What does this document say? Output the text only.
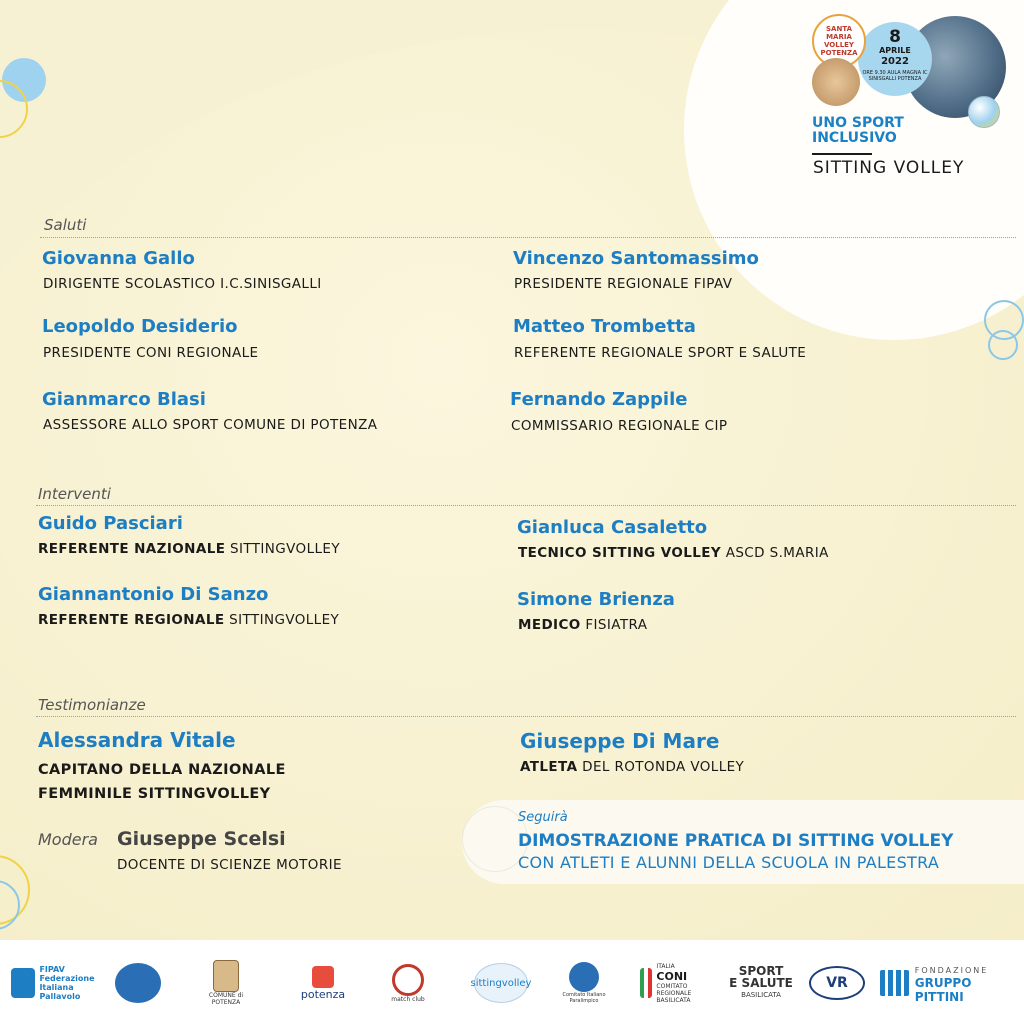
8
APRILE
2022
ORE 9.30 AULA MAGNA IC SINISGALLI POTENZA
SANTA MARIA VOLLEY POTENZA
UNO SPORT
INCLUSIVO
SITTING VOLLEY
Saluti
Giovanna Gallo
DIRIGENTE SCOLASTICO I.C.SINISGALLI
Vincenzo Santomassimo
PRESIDENTE REGIONALE FIPAV
Leopoldo Desiderio
PRESIDENTE CONI REGIONALE
Matteo Trombetta
REFERENTE REGIONALE SPORT E SALUTE
Gianmarco Blasi
ASSESSORE ALLO SPORT COMUNE DI POTENZA
Fernando Zappile
COMMISSARIO REGIONALE CIP
Interventi
Guido Pasciari
REFERENTE NAZIONALE SITTINGVOLLEY
Gianluca Casaletto
TECNICO SITTING VOLLEY ASCD S.MARIA
Giannantonio Di Sanzo
REFERENTE REGIONALE SITTINGVOLLEY
Simone Brienza
MEDICO FISIATRA
Testimonianze
Alessandra Vitale
CAPITANO DELLA NAZIONALE
FEMMINILE SITTINGVOLLEY
Giuseppe Di Mare
ATLETA DEL ROTONDA VOLLEY
Modera Giuseppe Scelsi
DOCENTE DI SCIENZE MOTORIE
Seguirà
DIMOSTRAZIONE PRATICA DI SITTING VOLLEY
CON ATLETI E ALUNNI DELLA SCUOLA IN PALESTRA
FIPAV
Federazione
Italiana
Pallavolo	COMUNE di POTENZA
potenza	match club
sittingvolley
Comitato Italiano Paralimpico
ITALIA
CONI
COMITATO REGIONALE BASILICATA
SPORT
E SALUTE
BASILICATA
VR
FONDAZIONE
GRUPPO PITTINI
